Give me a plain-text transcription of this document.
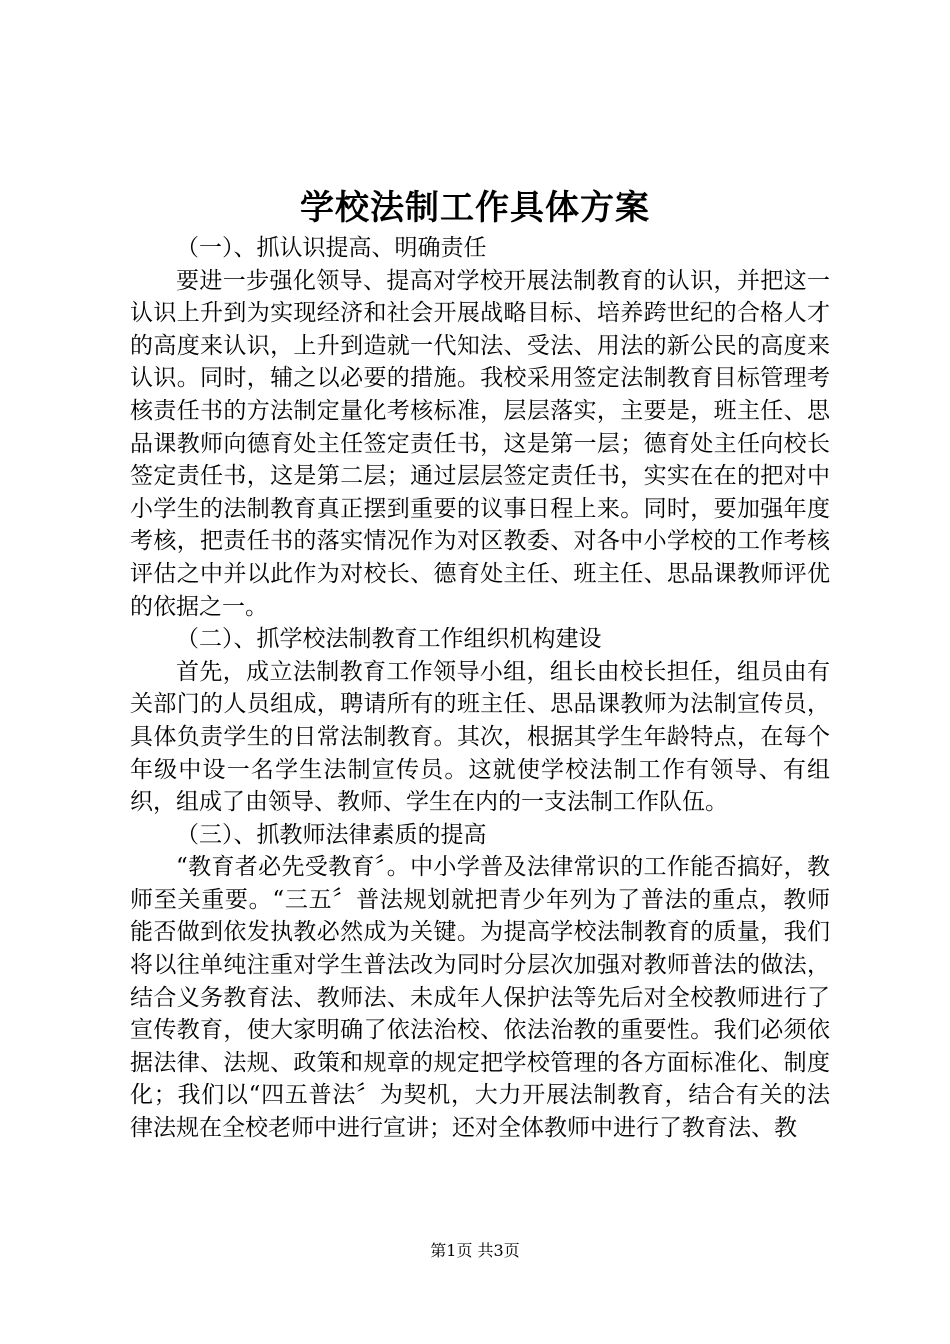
学校法制工作具体方案

（一）、抓认识提高、明确责任

要进一步强化领导、提高对学校开展法制教育的认识，并把这一认识上升到为实现经济和社会开展战略目标、培养跨世纪的合格人才的高度来认识，上升到造就一代知法、受法、用法的新公民的高度来认识。同时，辅之以必要的措施。我校采用签定法制教育目标管理考核责任书的方法制定量化考核标准，层层落实，主要是，班主任、思品课教师向德育处主任签定责任书，这是第一层；德育处主任向校长签定责任书，这是第二层；通过层层签定责任书，实实在在的把对中小学生的法制教育真正摆到重要的议事日程上来。同时，要加强年度考核，把责任书的落实情况作为对区教委、对各中小学校的工作考核评估之中并以此作为对校长、德育处主任、班主任、思品课教师评优的依据之一。

（二）、抓学校法制教育工作组织机构建设

首先，成立法制教育工作领导小组，组长由校长担任，组员由有关部门的人员组成，聘请所有的班主任、思品课教师为法制宣传员，具体负责学生的日常法制教育。其次，根据其学生年龄特点，在每个年级中设一名学生法制宣传员。这就使学校法制工作有领导、有组织，组成了由领导、教师、学生在内的一支法制工作队伍。

（三）、抓教师法律素质的提高

“教育者必先受教育〞。中小学普及法律常识的工作能否搞好，教师至关重要。“三五〞普法规划就把青少年列为了普法的重点，教师能否做到依发执教必然成为关键。为提高学校法制教育的质量，我们将以往单纯注重对学生普法改为同时分层次加强对教师普法的做法，结合义务教育法、教师法、未成年人保护法等先后对全校教师进行了宣传教育，使大家明确了依法治校、依法治教的重要性。我们必须依据法律、法规、政策和规章的规定把学校管理的各方面标准化、制度化；我们以“四五普法〞为契机，大力开展法制教育，结合有关的法律法规在全校老师中进行宣讲；还对全体教师中进行了教育法、教

第1页 共3页
